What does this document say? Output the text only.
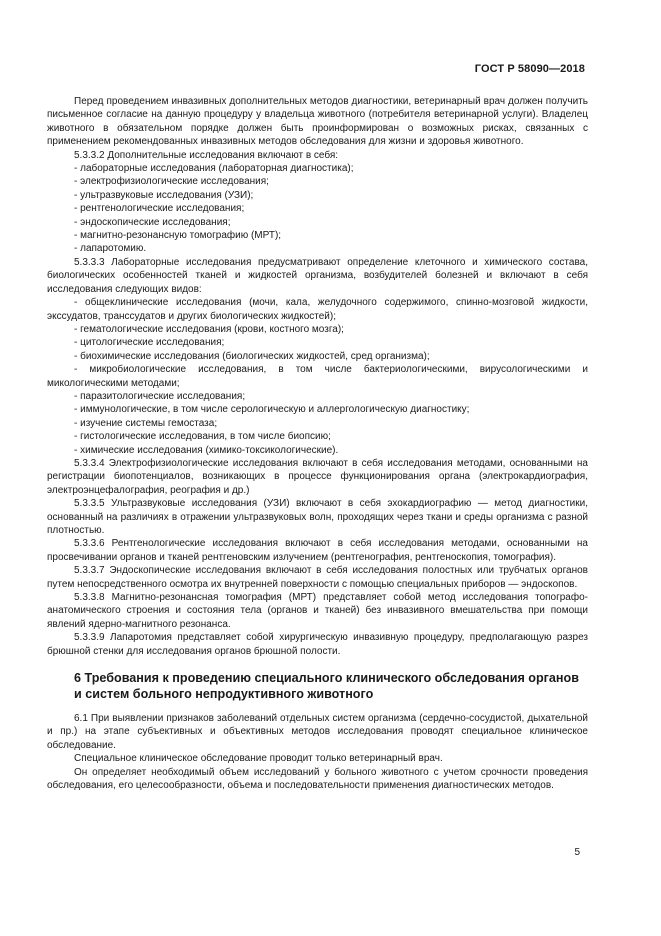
ГОСТ Р 58090—2018

Перед проведением инвазивных дополнительных методов диагностики, ветеринарный врач должен получить письменное согласие на данную процедуру у владельца животного (потребителя ветеринарной услуги). Владелец животного в обязательном порядке должен быть проинформирован о возможных рисках, связанных с применением рекомендованных инвазивных методов обследования для жизни и здоровья животного.

5.3.3.2 Дополнительные исследования включают в себя:

- лабораторные исследования (лабораторная диагностика);

- электрофизиологические исследования;

- ультразвуковые исследования (УЗИ);

- рентгенологические исследования;

- эндоскопические исследования;

- магнитно-резонансную томографию (МРТ);

- лапаротомию.

5.3.3.3 Лабораторные исследования предусматривают определение клеточного и химического состава, биологических особенностей тканей и жидкостей организма, возбудителей болезней и включают в себя исследования следующих видов:

- общеклинические исследования (мочи, кала, желудочного содержимого, спинно-мозговой жидкости, экссудатов, транссудатов и других биологических жидкостей);

- гематологические исследования (крови, костного мозга);

- цитологические исследования;

- биохимические исследования (биологических жидкостей, сред организма);

- микробиологические исследования, в том числе бактериологическими, вирусологическими и микологическими методами;

- паразитологические исследования;

- иммунологические, в том числе серологическую и аллергологическую диагностику;

- изучение системы гемостаза;

- гистологические исследования, в том числе биопсию;

- химические исследования (химико-токсикологические).

5.3.3.4 Электрофизиологические исследования включают в себя исследования методами, основанными на регистрации биопотенциалов, возникающих в процессе функционирования органа (электрокардиография, электроэнцефалография, реография и др.)

5.3.3.5 Ультразвуковые исследования (УЗИ) включают в себя эхокардиографию — метод диагностики, основанный на различиях в отражении ультразвуковых волн, проходящих через ткани и среды организма с разной плотностью.

5.3.3.6 Рентгенологические исследования включают в себя исследования методами, основанными на просвечивании органов и тканей рентгеновским излучением (рентгенография, рентгеноскопия, томография).

5.3.3.7 Эндоскопические исследования включают в себя исследования полостных или трубчатых органов путем непосредственного осмотра их внутренней поверхности с помощью специальных приборов — эндоскопов.

5.3.3.8 Магнитно-резонансная томография (МРТ) представляет собой метод исследования топографо-анатомического строения и состояния тела (органов и тканей) без инвазивного вмешательства при помощи явлений ядерно-магнитного резонанса.

5.3.3.9 Лапаротомия представляет собой хирургическую инвазивную процедуру, предполагающую разрез брюшной стенки для исследования органов брюшной полости.

6 Требования к проведению специального клинического обследования органов и систем больного непродуктивного животного

6.1 При выявлении признаков заболеваний отдельных систем организма (сердечно-сосудистой, дыхательной и пр.) на этапе субъективных и объективных методов исследования проводят специальное клиническое обследование.

Специальное клиническое обследование проводит только ветеринарный врач.

Он определяет необходимый объем исследований у больного животного с учетом срочности проведения обследования, его целесообразности, объема и последовательности применения диагностических методов.

5
